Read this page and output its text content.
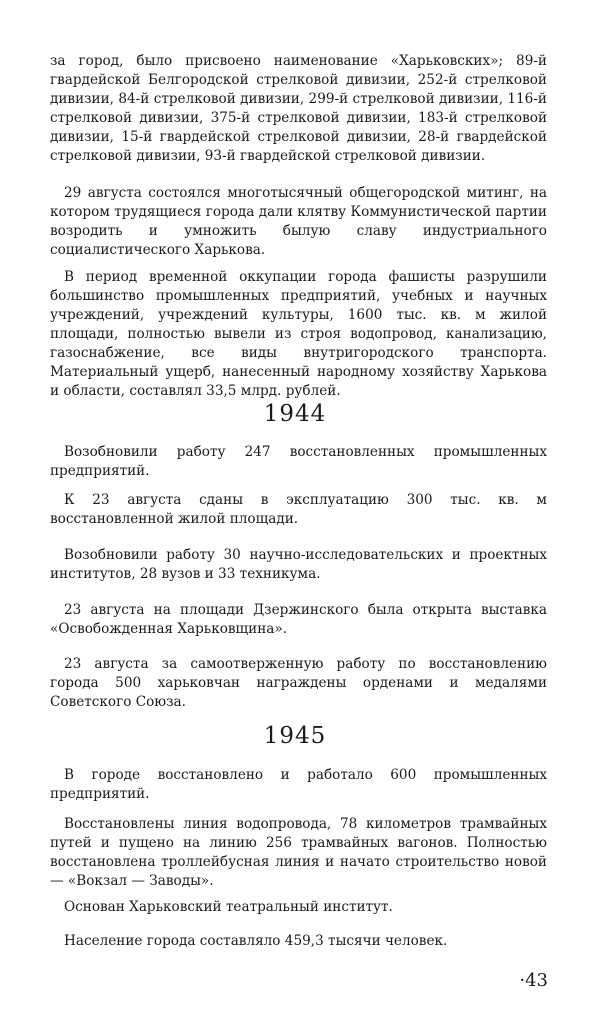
за город, было присвоено наименование «Харьковских»; 89-й гвардейской Белгородской стрелковой дивизии, 252-й стрелковой дивизии, 84-й стрелковой дивизии, 299-й стрелковой дивизии, 116-й стрелковой дивизии, 375-й стрелковой дивизии, 183-й стрелковой дивизии, 15-й гвардейской стрелковой дивизии, 28-й гвардейской стрелковой дивизии, 93-й гвардейской стрелковой дивизии.

29 августа состоялся многотысячный общегородской митинг, на котором трудящиеся города дали клятву Коммунистической партии возродить и умножить былую славу индустриального социалистического Харькова.

В период временной оккупации города фашисты разрушили большинство промышленных предприятий, учебных и научных учреждений, учреждений культуры, 1600 тыс. кв. м жилой площади, полностью вывели из строя водопровод, канализацию, газоснабжение, все виды внутригородского транспорта. Материальный ущерб, нанесенный народному хозяйству Харькова и области, составлял 33,5 млрд. рублей.

1944

Возобновили работу 247 восстановленных промышленных предприятий.

К 23 августа сданы в эксплуатацию 300 тыс. кв. м восстановленной жилой площади.

Возобновили работу 30 научно-исследовательских и проектных институтов, 28 вузов и 33 техникума.

23 августа на площади Дзержинского была открыта выставка «Освобожденная Харьковщина».

23 августа за самоотверженную работу по восстановлению города 500 харьковчан награждены орденами и медалями Советского Союза.

1945

В городе восстановлено и работало 600 промышленных предприятий.

Восстановлены линия водопровода, 78 километров трамвайных путей и пущено на линию 256 трамвайных вагонов. Полностью восстановлена троллейбусная линия и начато строительство новой — «Вокзал — Заводы».

Основан Харьковский театральный институт.

Население города составляло 459,3 тысячи человек.

·43
